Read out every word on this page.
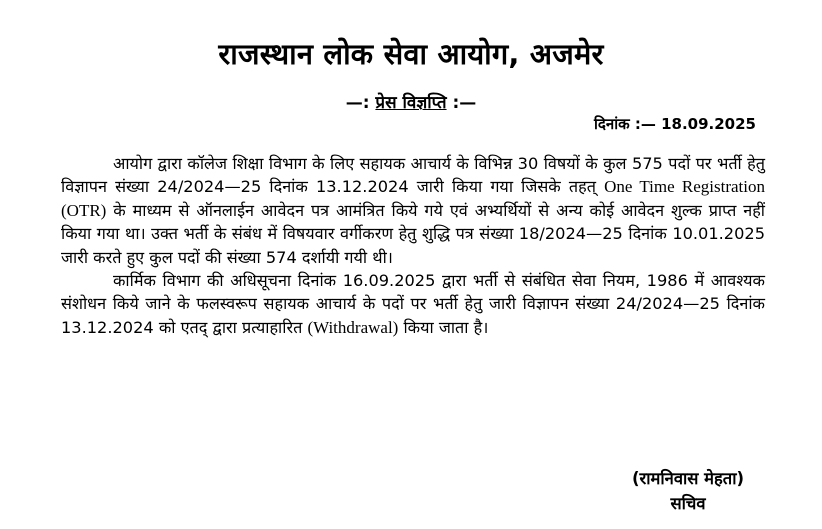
राजस्थान लोक सेवा आयोग, अजमेर
—: प्रेस विज्ञप्ति :—
दिनांक :— 18.09.2025

आयोग द्वारा कॉलेज शिक्षा विभाग के लिए सहायक आचार्य के विभिन्न 30 विषयों के कुल 575 पदों पर भर्ती हेतु विज्ञापन संख्या 24/2024—25 दिनांक 13.12.2024 जारी किया गया जिसके तहत् One Time Registration (OTR) के माध्यम से ऑनलाईन आवेदन पत्र आमंत्रित किये गये एवं अभ्यर्थियों से अन्य कोई आवेदन शुल्क प्राप्त नहीं किया गया था। उक्त भर्ती के संबंध में विषयवार वर्गीकरण हेतु शुद्धि पत्र संख्या 18/2024—25 दिनांक 10.01.2025 जारी करते हुए कुल पदों की संख्या 574 दर्शायी गयी थी।

कार्मिक विभाग की अधिसूचना दिनांक 16.09.2025 द्वारा भर्ती से संबंधित सेवा नियम, 1986 में आवश्यक संशोधन किये जाने के फलस्वरूप सहायक आचार्य के पदों पर भर्ती हेतु जारी विज्ञापन संख्या 24/2024—25 दिनांक 13.12.2024 को एतद् द्वारा प्रत्याहारित (Withdrawal) किया जाता है।

(रामनिवास मेहता)
सचिव
